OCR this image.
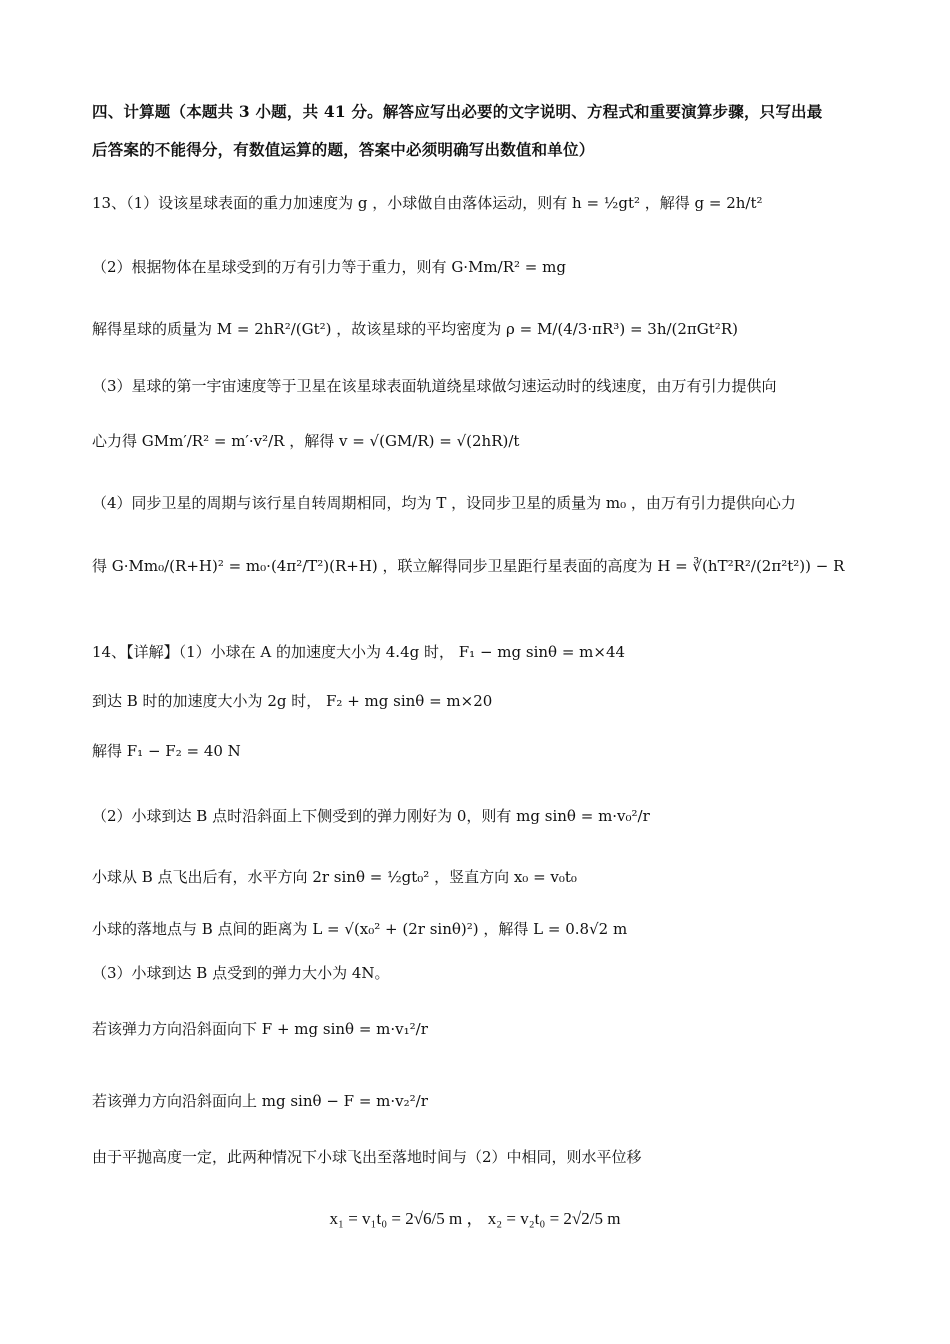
四、计算题（本题共 3 小题，共 41 分。解答应写出必要的文字说明、方程式和重要演算步骤，只写出最

后答案的不能得分，有数值运算的题，答案中必须明确写出数值和单位）

13、（1）设该星球表面的重力加速度为 g ，小球做自由落体运动，则有 h = ½gt² ，解得 g = 2h/t²

（2）根据物体在星球受到的万有引力等于重力，则有 G·Mm/R² = mg

解得星球的质量为 M = 2hR²/(Gt²) ，故该星球的平均密度为 ρ = M/(4/3·πR³) = 3h/(2πGt²R)

（3）星球的第一宇宙速度等于卫星在该星球表面轨道绕星球做匀速运动时的线速度，由万有引力提供向

心力得 GMm′/R² = m′·v²/R ，解得 v = √(GM/R) = √(2hR)/t

（4）同步卫星的周期与该行星自转周期相同，均为 T ，设同步卫星的质量为 m₀ ，由万有引力提供向心力

得 G·Mm₀/(R+H)² = m₀·(4π²/T²)(R+H) ，联立解得同步卫星距行星表面的高度为 H = ∛(hT²R²/(2π²t²)) − R

14、【详解】（1）小球在 A 的加速度大小为 4.4g 时， F₁ − mg sinθ = m×44

到达 B 时的加速度大小为 2g 时， F₂ + mg sinθ = m×20

解得 F₁ − F₂ = 40 N

（2）小球到达 B 点时沿斜面上下侧受到的弹力刚好为 0，则有 mg sinθ = m·v₀²/r

小球从 B 点飞出后有，水平方向 2r sinθ = ½gt₀² ，竖直方向 x₀ = v₀t₀

小球的落地点与 B 点间的距离为 L = √(x₀² + (2r sinθ)²) ，解得 L = 0.8√2 m

（3）小球到达 B 点受到的弹力大小为 4N。

若该弹力方向沿斜面向下 F + mg sinθ = m·v₁²/r

若该弹力方向沿斜面向上 mg sinθ − F = m·v₂²/r

由于平抛高度一定，此两种情况下小球飞出至落地时间与（2）中相同，则水平位移

x₁ = v₁t₀ = 2√6/5 m ， x₂ = v₂t₀ = 2√2/5 m
